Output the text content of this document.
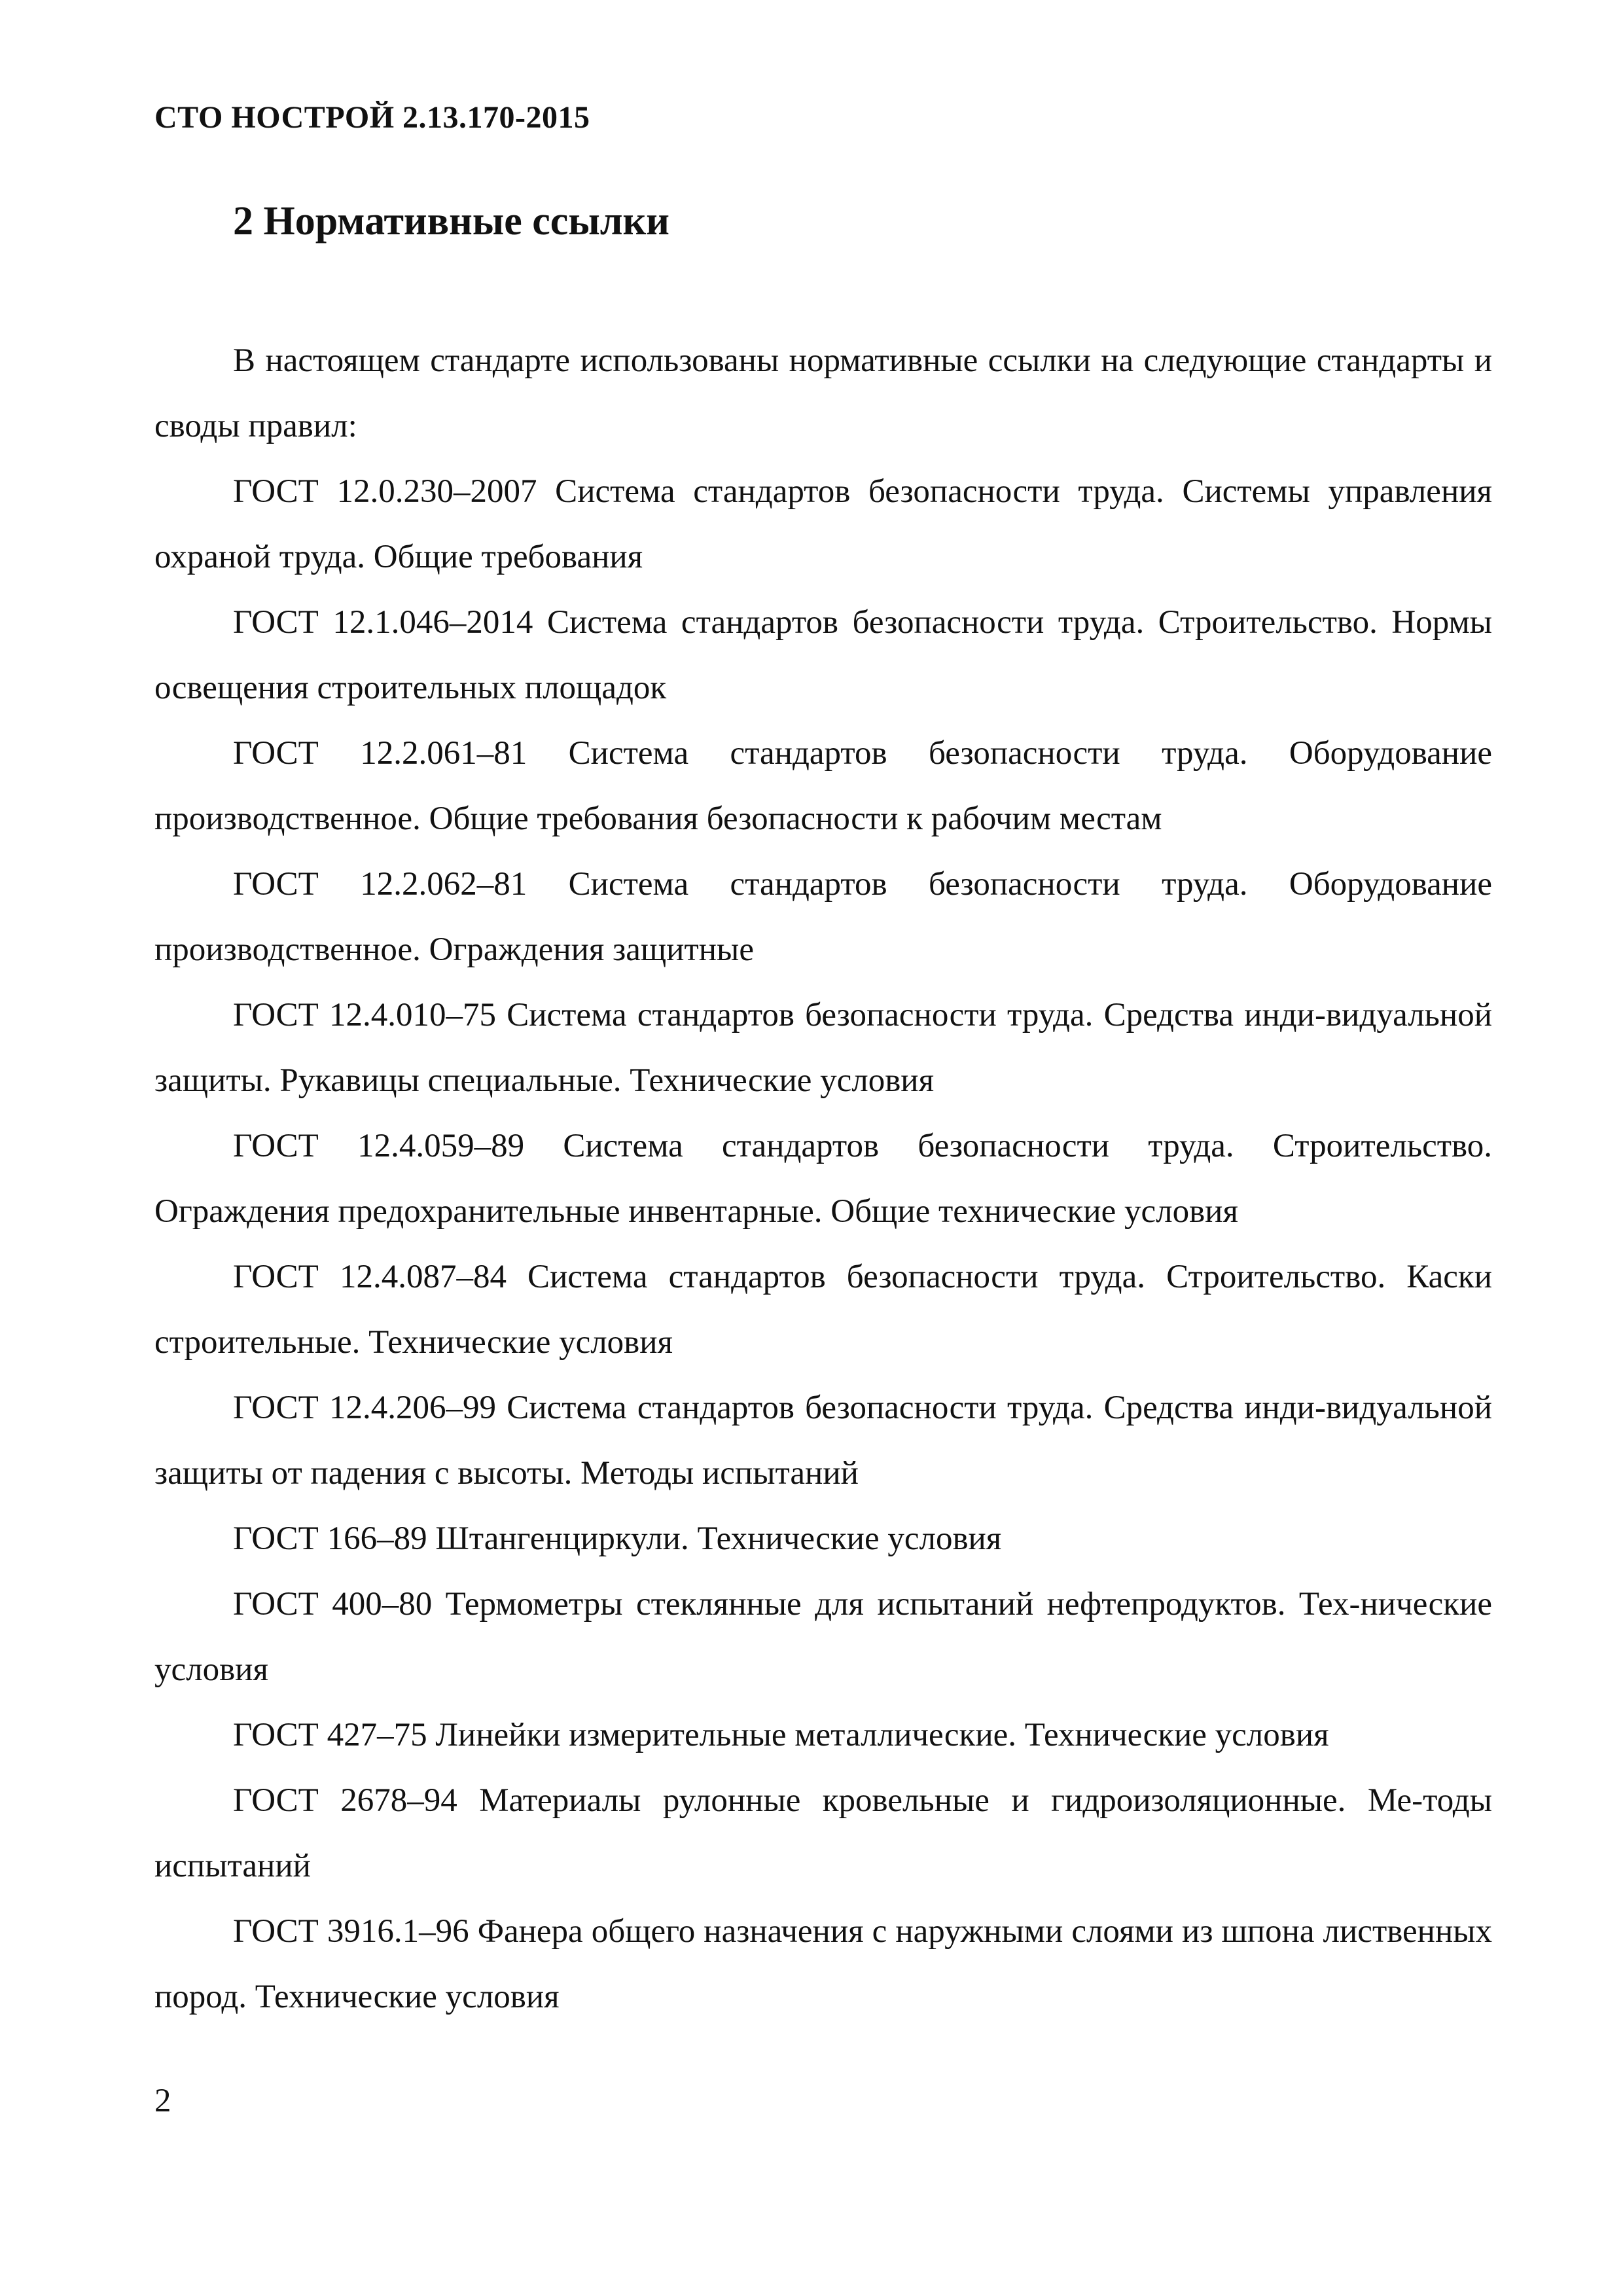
СТО НОСТРОЙ 2.13.170-2015
2 Нормативные ссылки

В настоящем стандарте использованы нормативные ссылки на следующие стандарты и своды правил:

ГОСТ 12.0.230–2007 Система стандартов безопасности труда. Системы управления охраной труда. Общие требования

ГОСТ 12.1.046–2014 Система стандартов безопасности труда. Строительство. Нормы освещения строительных площадок

ГОСТ 12.2.061–81 Система стандартов безопасности труда. Оборудование производственное. Общие требования безопасности к рабочим местам

ГОСТ 12.2.062–81 Система стандартов безопасности труда. Оборудование производственное. Ограждения защитные

ГОСТ 12.4.010–75 Система стандартов безопасности труда. Средства инди-видуальной защиты. Рукавицы специальные. Технические условия

ГОСТ 12.4.059–89 Система стандартов безопасности труда. Строительство. Ограждения предохранительные инвентарные. Общие технические условия

ГОСТ 12.4.087–84 Система стандартов безопасности труда. Строительство. Каски строительные. Технические условия

ГОСТ 12.4.206–99 Система стандартов безопасности труда. Средства инди-видуальной защиты от падения с высоты. Методы испытаний

ГОСТ 166–89 Штангенциркули. Технические условия

ГОСТ 400–80 Термометры стеклянные для испытаний нефтепродуктов. Тех-нические условия

ГОСТ 427–75 Линейки измерительные металлические. Технические условия

ГОСТ 2678–94 Материалы рулонные кровельные и гидроизоляционные. Ме-тоды испытаний

ГОСТ 3916.1–96 Фанера общего назначения с наружными слоями из шпона лиственных пород. Технические условия

2
